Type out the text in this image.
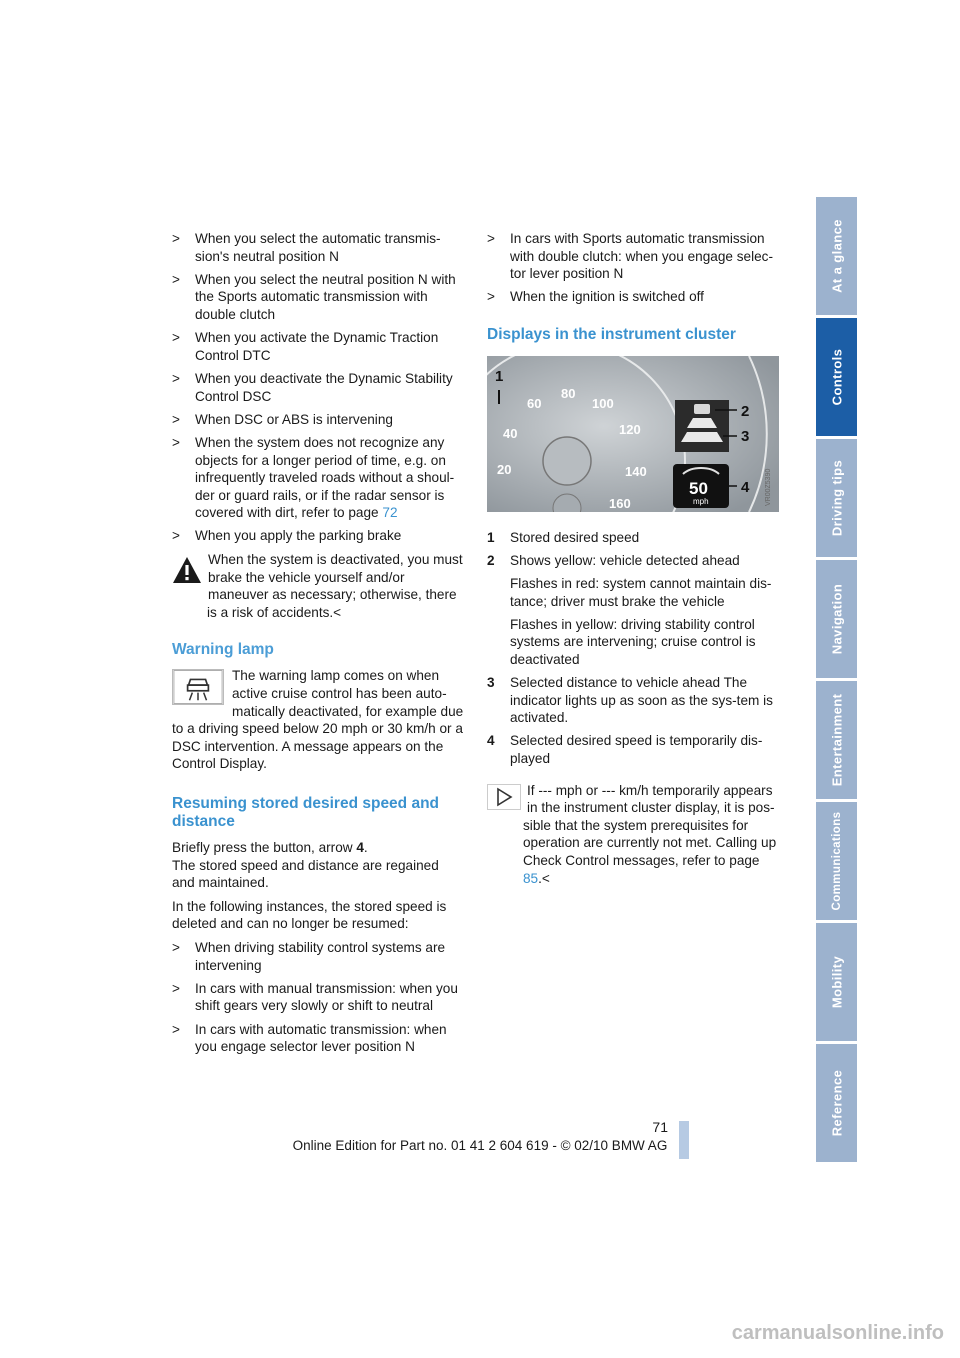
> When you select the automatic transmis-sion's neutral position N
> When you select the neutral position N with the Sports automatic transmission with double clutch
> When you activate the Dynamic Traction Control DTC
> When you deactivate the Dynamic Stability Control DSC
> When DSC or ABS is intervening
> When the system does not recognize any objects for a longer period of time, e.g. on infrequently traveled roads without a shoul-der or guard rails, or if the radar sensor is covered with dirt, refer to page 72
> When you apply the parking brake
When the system is deactivated, you must brake the vehicle yourself and/or maneuver as necessary; otherwise, there is a risk of accidents.<
Warning lamp
The warning lamp comes on when active cruise control has been auto-matically deactivated, for example due to a driving speed below 20 mph or 30 km/h or a DSC intervention. A message appears on the Control Display.
Resuming stored desired speed and distance
Briefly press the button, arrow 4.
The stored speed and distance are regained and maintained.
In the following instances, the stored speed is deleted and can no longer be resumed:
> When driving stability control systems are intervening
> In cars with manual transmission: when you shift gears very slowly or shift to neutral
> In cars with automatic transmission: when you engage selector lever position N
> In cars with Sports automatic transmission with double clutch: when you engage selec-tor lever position N
> When the ignition is switched off
Displays in the instrument cluster
60
80
100
120
140
160
40
20
1
2
3
50
mph
4 VR00Z5390
1 Stored desired speed
2 Shows yellow: vehicle detected ahead
Flashes in red: system cannot maintain dis-tance; driver must brake the vehicle
Flashes in yellow: driving stability control systems are intervening; cruise control is deactivated
3 Selected distance to vehicle ahead The indicator lights up as soon as the sys-tem is activated.
4 Selected desired speed is temporarily dis-played
If --- mph or --- km/h temporarily appears in the instrument cluster display, it is pos-sible that the system prerequisites for operation are currently not met. Calling up Check Control messages, refer to page 85.<
At a glance
Controls
Driving tips
Navigation
Entertainment
Communications
Mobility
Reference
71
Online Edition for Part no. 01 41 2 604 619 - © 02/10 BMW AG
carmanualsonline.info
